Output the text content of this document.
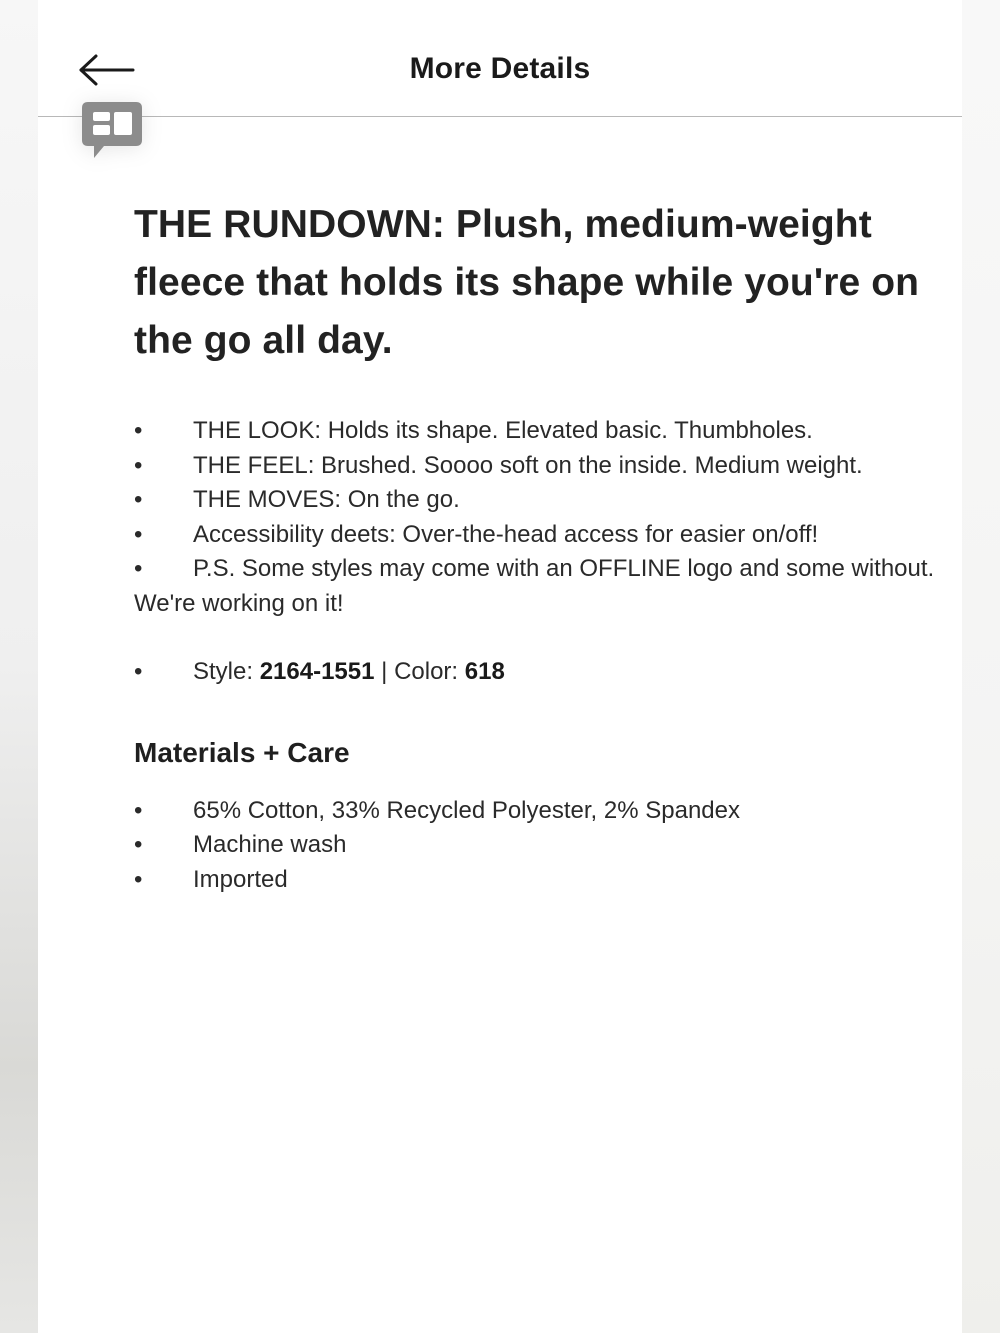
More Details
THE RUNDOWN: Plush, medium-weight fleece that holds its shape while you're on the go all day.
•	THE LOOK: Holds its shape. Elevated basic. Thumbholes.
•	THE FEEL: Brushed. Soooo soft on the inside. Medium weight.
•	THE MOVES: On the go.
•	Accessibility deets: Over-the-head access for easier on/off!
• P.S. Some styles may come with an OFFLINE logo and some without. We're working on it!
•	Style: 2164-1551 | Color: 618
Materials + Care
•	65% Cotton, 33% Recycled Polyester, 2% Spandex
•	Machine wash
•	Imported
